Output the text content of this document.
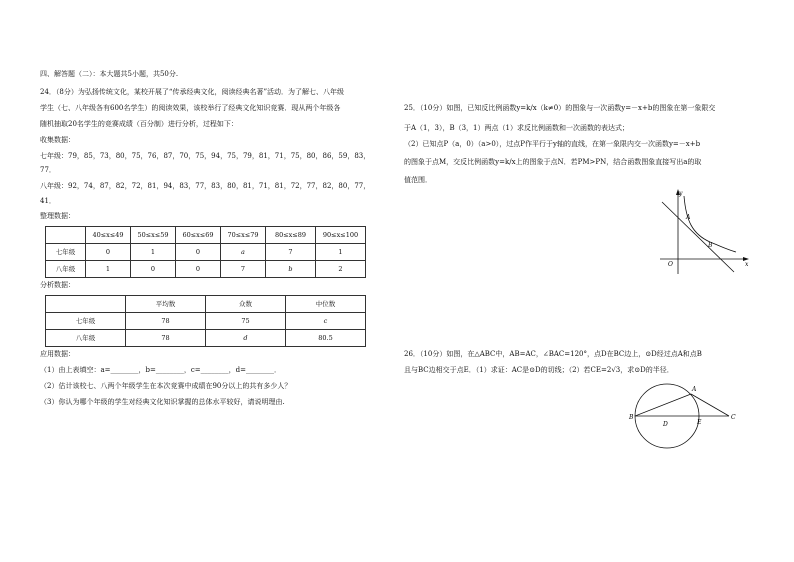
四、解答题（二）：本大题共5小题，共50分.
24．（8分）为弘扬传统文化，某校开展了“传承经典文化，阅读经典名著”活动．为了解七、八年级
学生（七、八年级各有600名学生）的阅读效果，该校举行了经典文化知识竞赛．现从两个年级各
随机抽取20名学生的竞赛成绩（百分制）进行分析，过程如下：
收集数据：
七年级：79，85，73，80，75，76，87，70，75，94，75，79，81，71，75，80，86，59，83，
77．
八年级：92，74，87，82，72，81，94，83，77，83，80，81，71，81，72，77，82，80，77，
41．
整理数据：
	40≤x≤49	50≤x≤59	60≤x≤69	70≤x≤79	80≤x≤89	90≤x≤100
七年级	0	1	0	a	7	1
八年级	1	0	0	7	b	2
分析数据：
	平均数	众数	中位数
七年级	78	75	c
八年级	78	d	80.5
应用数据：
（1）由上表填空：a=________，b=________，c=________，d=________．
（2）估计该校七、八两个年级学生在本次竞赛中成绩在90分以上的共有多少人？
（3）你认为哪个年级的学生对经典文化知识掌握的总体水平较好，请说明理由.
25．（10分）如图，已知反比例函数y=k/x（k≠0）的图象与一次函数y=－x+b的图象在第一象限交
于A（1，3），B（3，1）两点（1）求反比例函数和一次函数的表达式；
（2）已知点P（a，0）（a>0），过点P作平行于y轴的直线，在第一象限内交一次函数y=－x+b
的图象于点M，交反比例函数y=k/x上的图象于点N．若PM>PN，结合函数图象直接写出a的取
值范围．
y
x
O
A
B
26．（10分）如图，在△ABC中，AB=AC，∠BAC=120°，点D在BC边上，⊙D经过点A和点B
且与BC边相交于点E．（1）求证：AC是⊙D的切线；（2）若CE=2√3，求⊙D的半径．
A
B	C
D	E
